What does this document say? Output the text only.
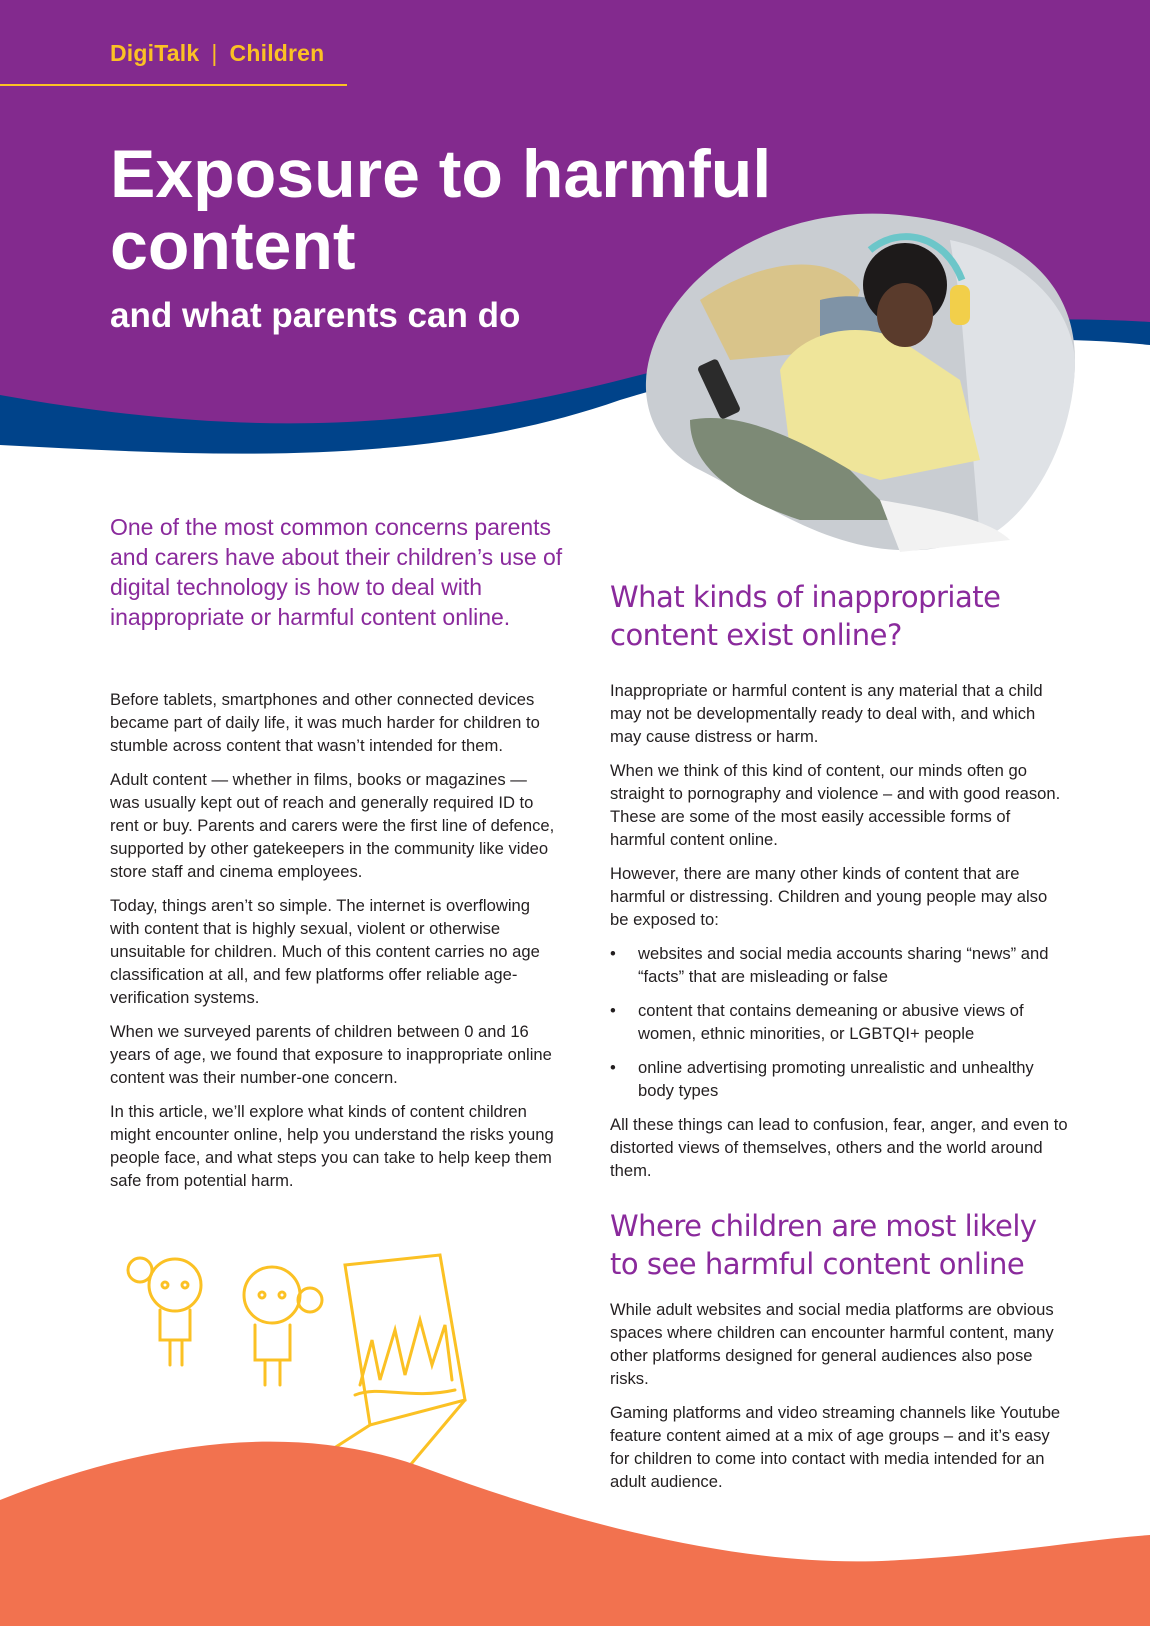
DigiTalk | Children
Exposure to harmful content
and what parents can do

One of the most common concerns parents and carers have about their children’s use of digital technology is how to deal with inappropriate or harmful content online.

Before tablets, smartphones and other connected devices became part of daily life, it was much harder for children to stumble across content that wasn’t intended for them.

Adult content — whether in films, books or magazines — was usually kept out of reach and generally required ID to rent or buy. Parents and carers were the first line of defence, supported by other gatekeepers in the community like video store staff and cinema employees.

Today, things aren’t so simple. The internet is overflowing with content that is highly sexual, violent or otherwise unsuitable for children. Much of this content carries no age classification at all, and few platforms offer reliable age-verification systems.

When we surveyed parents of children between 0 and 16 years of age, we found that exposure to inappropriate online content was their number-one concern.

In this article, we’ll explore what kinds of content children might encounter online, help you understand the risks young people face, and what steps you can take to help keep them safe from potential harm.

What kinds of inappropriate content exist online?

Inappropriate or harmful content is any material that a child may not be developmentally ready to deal with, and which may cause distress or harm.

When we think of this kind of content, our minds often go straight to pornography and violence – and with good reason. These are some of the most easily accessible forms of harmful content online.

However, there are many other kinds of content that are harmful or distressing. Children and young people may also be exposed to:

• websites and social media accounts sharing “news” and “facts” that are misleading or false
• content that contains demeaning or abusive views of women, ethnic minorities, or LGBTQI+ people
• online advertising promoting unrealistic and unhealthy body types

All these things can lead to confusion, fear, anger, and even to distorted views of themselves, others and the world around them.

Where children are most likely to see harmful content online

While adult websites and social media platforms are obvious spaces where children can encounter harmful content, many other platforms designed for general audiences also pose risks.

Gaming platforms and video streaming channels like Youtube feature content aimed at a mix of age groups – and it’s easy for children to come into contact with media intended for an adult audience.
